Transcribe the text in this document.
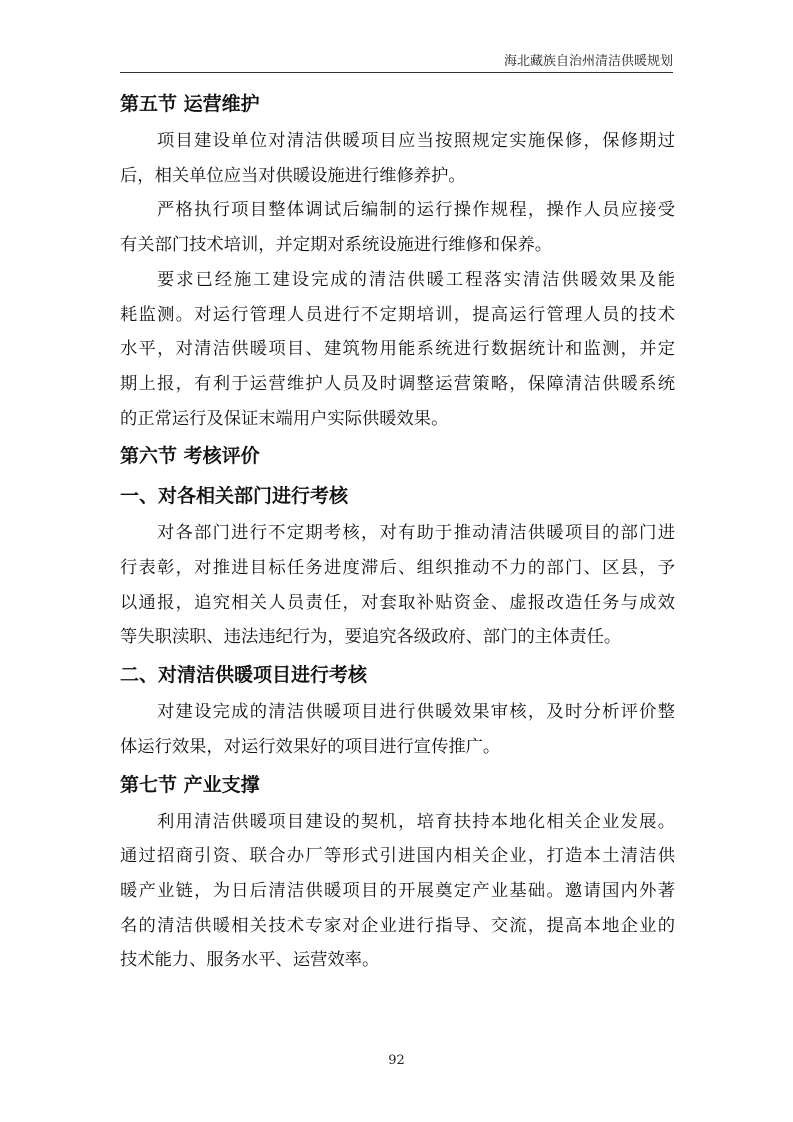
海北藏族自治州清洁供暖规划
第五节 运营维护

项目建设单位对清洁供暖项目应当按照规定实施保修，保修期过
后，相关单位应当对供暖设施进行维修养护。

严格执行项目整体调试后编制的运行操作规程，操作人员应接受
有关部门技术培训，并定期对系统设施进行维修和保养。

要求已经施工建设完成的清洁供暖工程落实清洁供暖效果及能
耗监测。对运行管理人员进行不定期培训，提高运行管理人员的技术
水平，对清洁供暖项目、建筑物用能系统进行数据统计和监测，并定
期上报，有利于运营维护人员及时调整运营策略，保障清洁供暖系统
的正常运行及保证末端用户实际供暖效果。

第六节 考核评价
一、对各相关部门进行考核

对各部门进行不定期考核，对有助于推动清洁供暖项目的部门进
行表彰，对推进目标任务进度滞后、组织推动不力的部门、区县，予
以通报，追究相关人员责任，对套取补贴资金、虚报改造任务与成效
等失职渎职、违法违纪行为，要追究各级政府、部门的主体责任。

二、对清洁供暖项目进行考核

对建设完成的清洁供暖项目进行供暖效果审核，及时分析评价整
体运行效果，对运行效果好的项目进行宣传推广。

第七节 产业支撑

利用清洁供暖项目建设的契机，培育扶持本地化相关企业发展。
通过招商引资、联合办厂等形式引进国内相关企业，打造本土清洁供
暖产业链，为日后清洁供暖项目的开展奠定产业基础。邀请国内外著
名的清洁供暖相关技术专家对企业进行指导、交流，提高本地企业的
技术能力、服务水平、运营效率。

92
